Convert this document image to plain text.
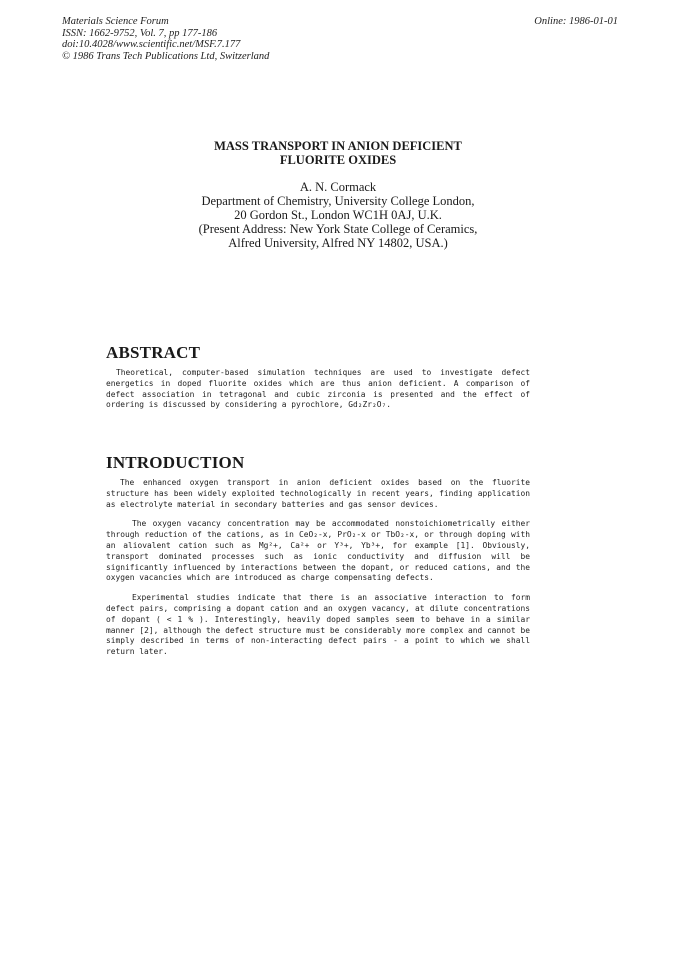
Materials Science Forum
ISSN: 1662-9752, Vol. 7, pp 177-186
doi:10.4028/www.scientific.net/MSF.7.177
© 1986 Trans Tech Publications Ltd, Switzerland
Online: 1986-01-01
MASS TRANSPORT IN ANION DEFICIENT
FLUORITE OXIDES
A. N. Cormack
Department of Chemistry, University College London,
20 Gordon St., London WC1H 0AJ, U.K.
(Present Address: New York State College of Ceramics,
Alfred University, Alfred NY 14802, USA.)
ABSTRACT

Theoretical, computer-based simulation techniques are used to investigate defect energetics in doped fluorite oxides which are thus anion deficient. A comparison of defect association in tetragonal and cubic zirconia is presented and the effect of ordering is discussed by considering a pyrochlore, Gd₂Zr₂O₇.

INTRODUCTION

The enhanced oxygen transport in anion deficient oxides based on the fluorite structure has been widely exploited technologically in recent years, finding application as electrolyte material in secondary batteries and gas sensor devices.

The oxygen vacancy concentration may be accommodated nonstoichiometrically either through reduction of the cations, as in CeO₂-x, PrO₂-x or TbO₂-x, or through doping with an aliovalent cation such as Mg²+, Ca²+ or Y³+, Yb³+, for example [1]. Obviously, transport dominated processes such as ionic conductivity and diffusion will be significantly influenced by interactions between the dopant, or reduced cations, and the oxygen vacancies which are introduced as charge compensating defects.

Experimental studies indicate that there is an associative interaction to form defect pairs, comprising a dopant cation and an oxygen vacancy, at dilute concentrations of dopant ( < 1 % ). Interestingly, heavily doped samples seem to behave in a similar manner [2], although the defect structure must be considerably more complex and cannot be simply described in terms of non-interacting defect pairs - a point to which we shall return later.
